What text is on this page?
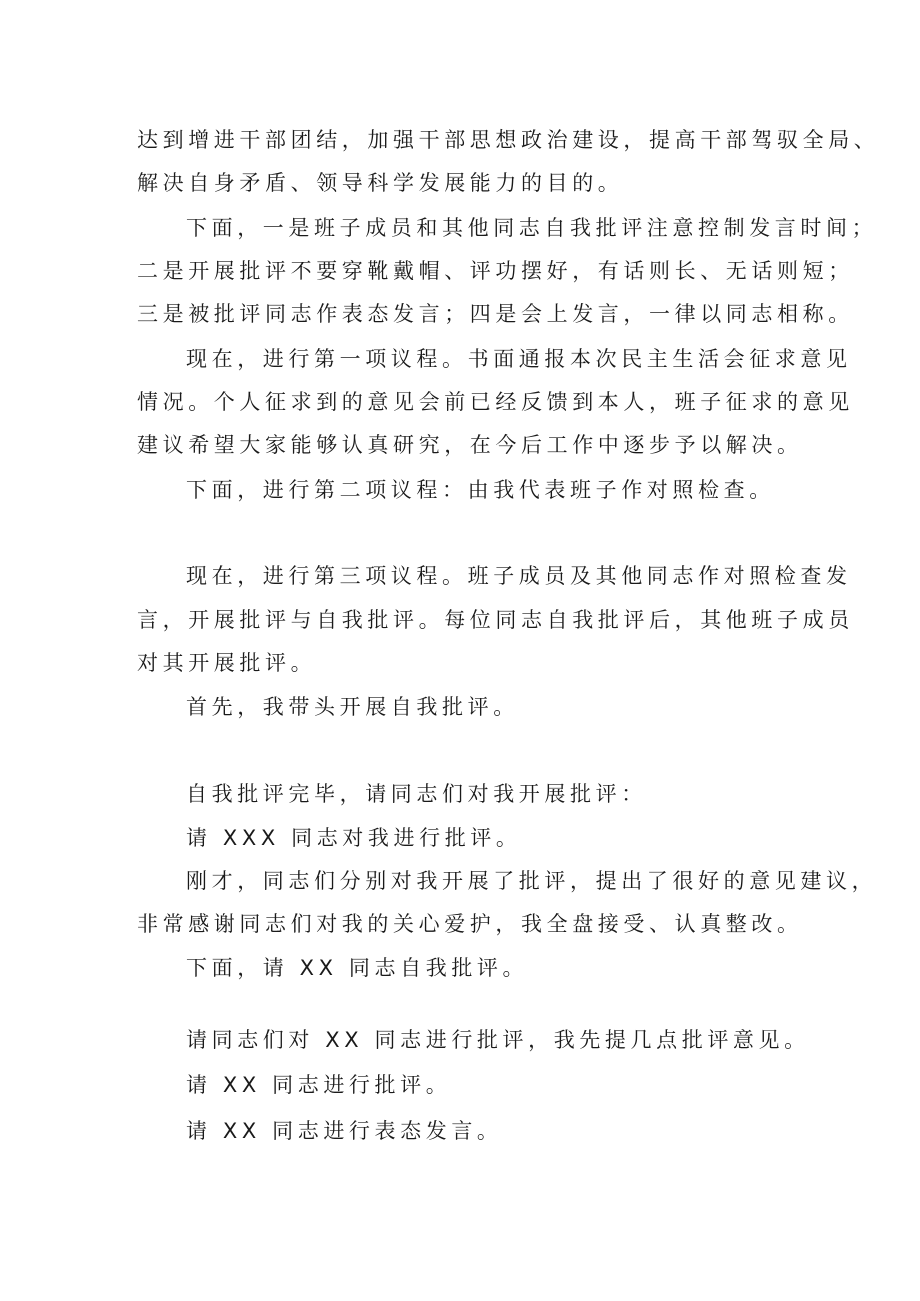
达到增进干部团结，加强干部思想政治建设，提高干部驾驭全局、
解决自身矛盾、领导科学发展能力的目的。
下面，一是班子成员和其他同志自我批评注意控制发言时间；
二是开展批评不要穿靴戴帽、评功摆好，有话则长、无话则短；
三是被批评同志作表态发言；四是会上发言，一律以同志相称。
现在，进行第一项议程。书面通报本次民主生活会征求意见
情况。个人征求到的意见会前已经反馈到本人，班子征求的意见
建议希望大家能够认真研究，在今后工作中逐步予以解决。
下面，进行第二项议程：由我代表班子作对照检查。
现在，进行第三项议程。班子成员及其他同志作对照检查发
言，开展批评与自我批评。每位同志自我批评后，其他班子成员
对其开展批评。
首先，我带头开展自我批评。
自我批评完毕，请同志们对我开展批评：
请 XXX 同志对我进行批评。
刚才，同志们分别对我开展了批评，提出了很好的意见建议，
非常感谢同志们对我的关心爱护，我全盘接受、认真整改。
下面，请 XX 同志自我批评。
请同志们对 XX 同志进行批评，我先提几点批评意见。
请 XX 同志进行批评。
请 XX 同志进行表态发言。
